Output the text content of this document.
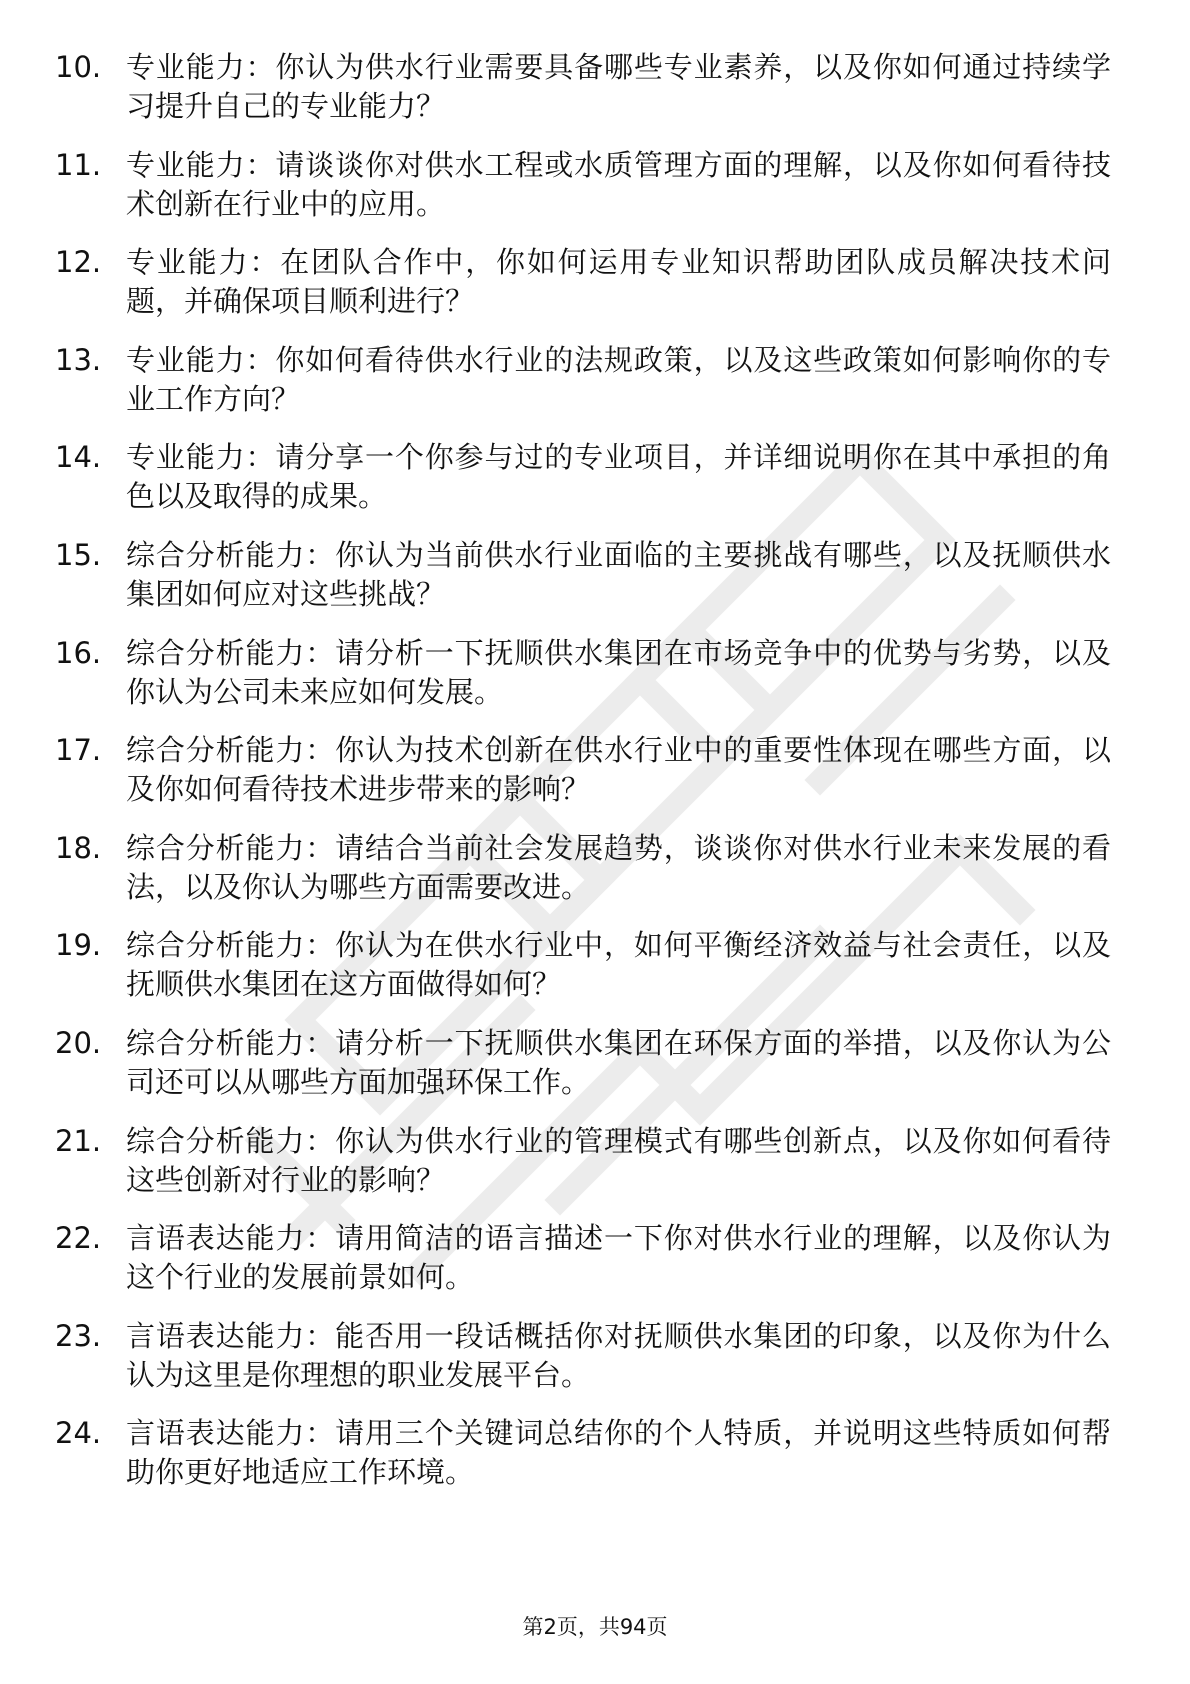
10. 专业能力：你认为供水行业需要具备哪些专业素养，以及你如何通过持续学习提升自己的专业能力？
11. 专业能力：请谈谈你对供水工程或水质管理方面的理解，以及你如何看待技术创新在行业中的应用。
12. 专业能力：在团队合作中，你如何运用专业知识帮助团队成员解决技术问题，并确保项目顺利进行？
13. 专业能力：你如何看待供水行业的法规政策，以及这些政策如何影响你的专业工作方向？
14. 专业能力：请分享一个你参与过的专业项目，并详细说明你在其中承担的角色以及取得的成果。
15. 综合分析能力：你认为当前供水行业面临的主要挑战有哪些，以及抚顺供水集团如何应对这些挑战？
16. 综合分析能力：请分析一下抚顺供水集团在市场竞争中的优势与劣势，以及你认为公司未来应如何发展。
17. 综合分析能力：你认为技术创新在供水行业中的重要性体现在哪些方面，以及你如何看待技术进步带来的影响？
18. 综合分析能力：请结合当前社会发展趋势，谈谈你对供水行业未来发展的看法，以及你认为哪些方面需要改进。
19. 综合分析能力：你认为在供水行业中，如何平衡经济效益与社会责任，以及抚顺供水集团在这方面做得如何？
20. 综合分析能力：请分析一下抚顺供水集团在环保方面的举措，以及你认为公司还可以从哪些方面加强环保工作。
21. 综合分析能力：你认为供水行业的管理模式有哪些创新点，以及你如何看待这些创新对行业的影响？
22. 言语表达能力：请用简洁的语言描述一下你对供水行业的理解，以及你认为这个行业的发展前景如何。
23. 言语表达能力：能否用一段话概括你对抚顺供水集团的印象，以及你为什么认为这里是你理想的职业发展平台。
24. 言语表达能力：请用三个关键词总结你的个人特质，并说明这些特质如何帮助你更好地适应工作环境。
第2页，共94页
